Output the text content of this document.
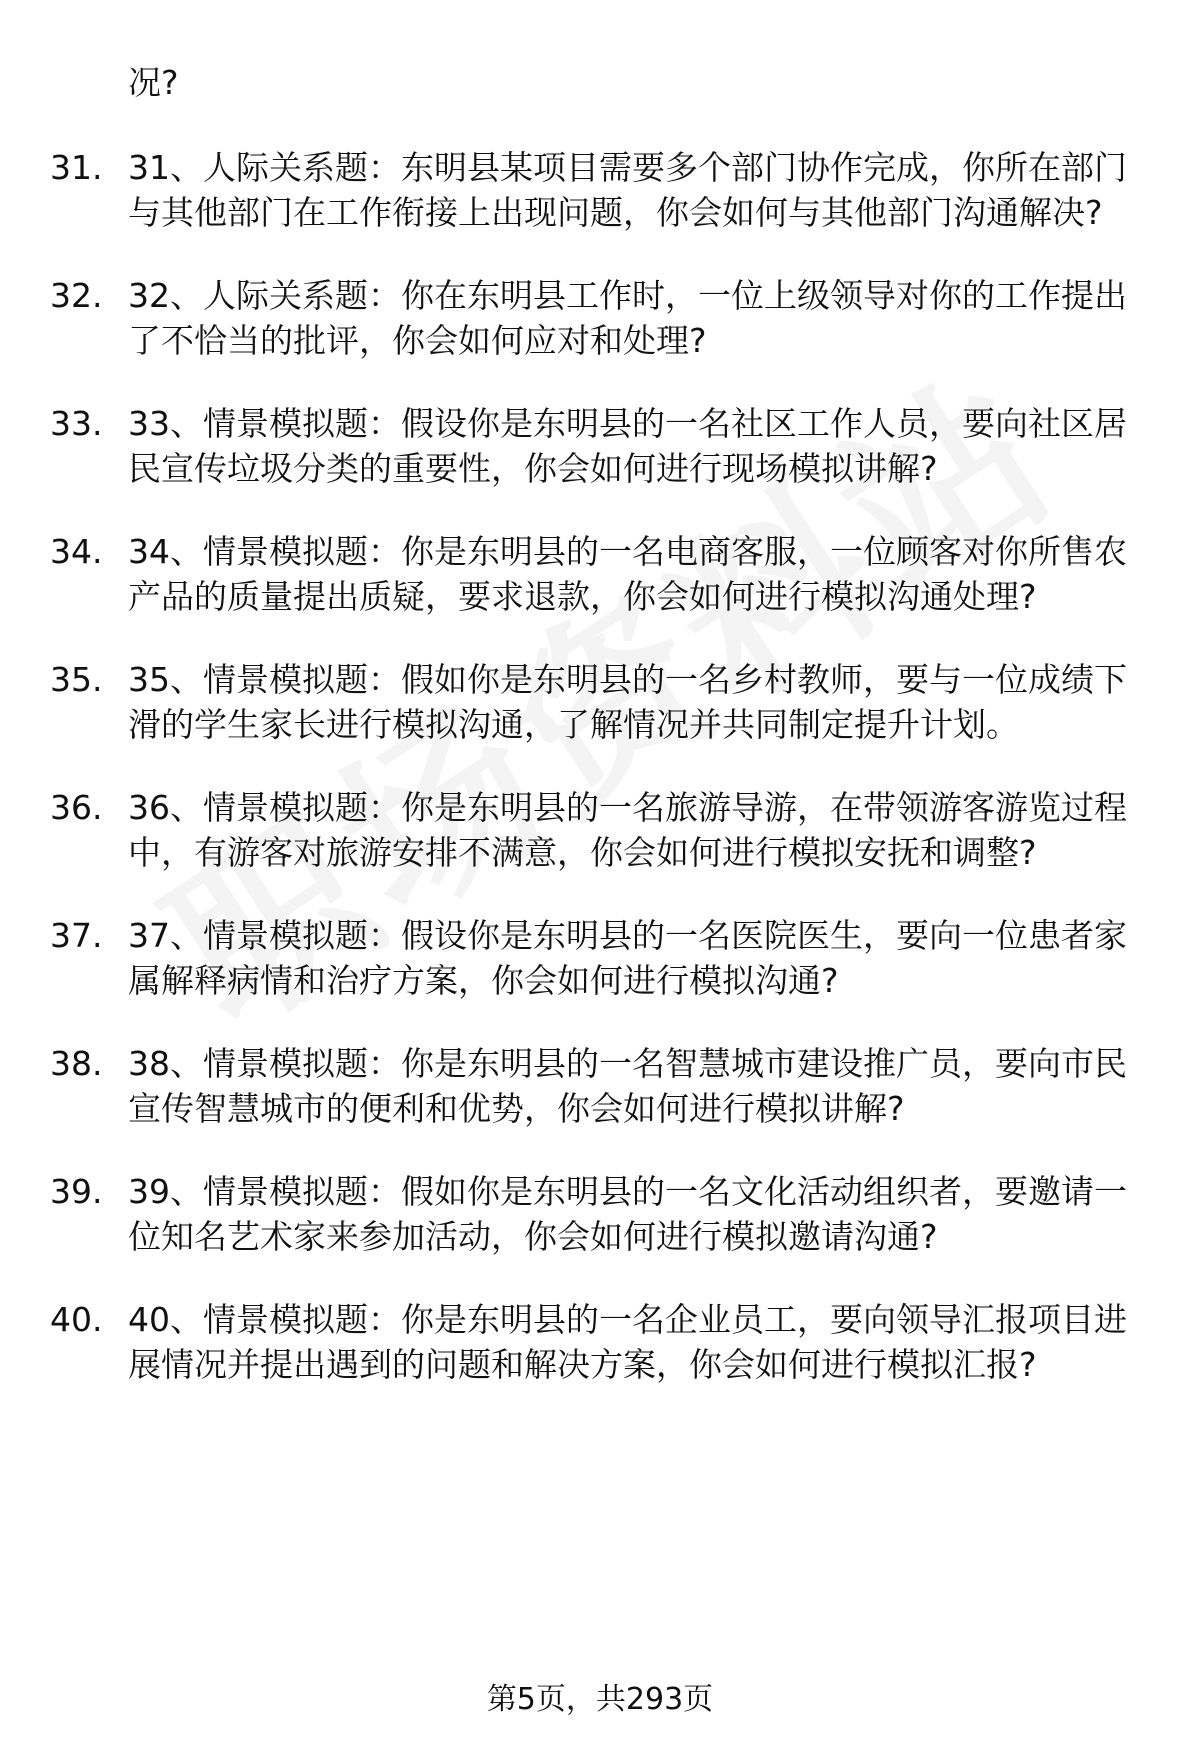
况?
31. 31、人际关系题：东明县某项目需要多个部门协作完成，你所在部门与其他部门在工作衔接上出现问题，你会如何与其他部门沟通解决?
32. 32、人际关系题：你在东明县工作时，一位上级领导对你的工作提出了不恰当的批评，你会如何应对和处理?
33. 33、情景模拟题：假设你是东明县的一名社区工作人员，要向社区居民宣传垃圾分类的重要性，你会如何进行现场模拟讲解?
34. 34、情景模拟题：你是东明县的一名电商客服，一位顾客对你所售农产品的质量提出质疑，要求退款，你会如何进行模拟沟通处理?
35. 35、情景模拟题：假如你是东明县的一名乡村教师，要与一位成绩下滑的学生家长进行模拟沟通，了解情况并共同制定提升计划。
36. 36、情景模拟题：你是东明县的一名旅游导游，在带领游客游览过程中，有游客对旅游安排不满意，你会如何进行模拟安抚和调整?
37. 37、情景模拟题：假设你是东明县的一名医院医生，要向一位患者家属解释病情和治疗方案，你会如何进行模拟沟通?
38. 38、情景模拟题：你是东明县的一名智慧城市建设推广员，要向市民宣传智慧城市的便利和优势，你会如何进行模拟讲解?
39. 39、情景模拟题：假如你是东明县的一名文化活动组织者，要邀请一位知名艺术家来参加活动，你会如何进行模拟邀请沟通?
40. 40、情景模拟题：你是东明县的一名企业员工，要向领导汇报项目进展情况并提出遇到的问题和解决方案，你会如何进行模拟汇报?
第5页，共293页
